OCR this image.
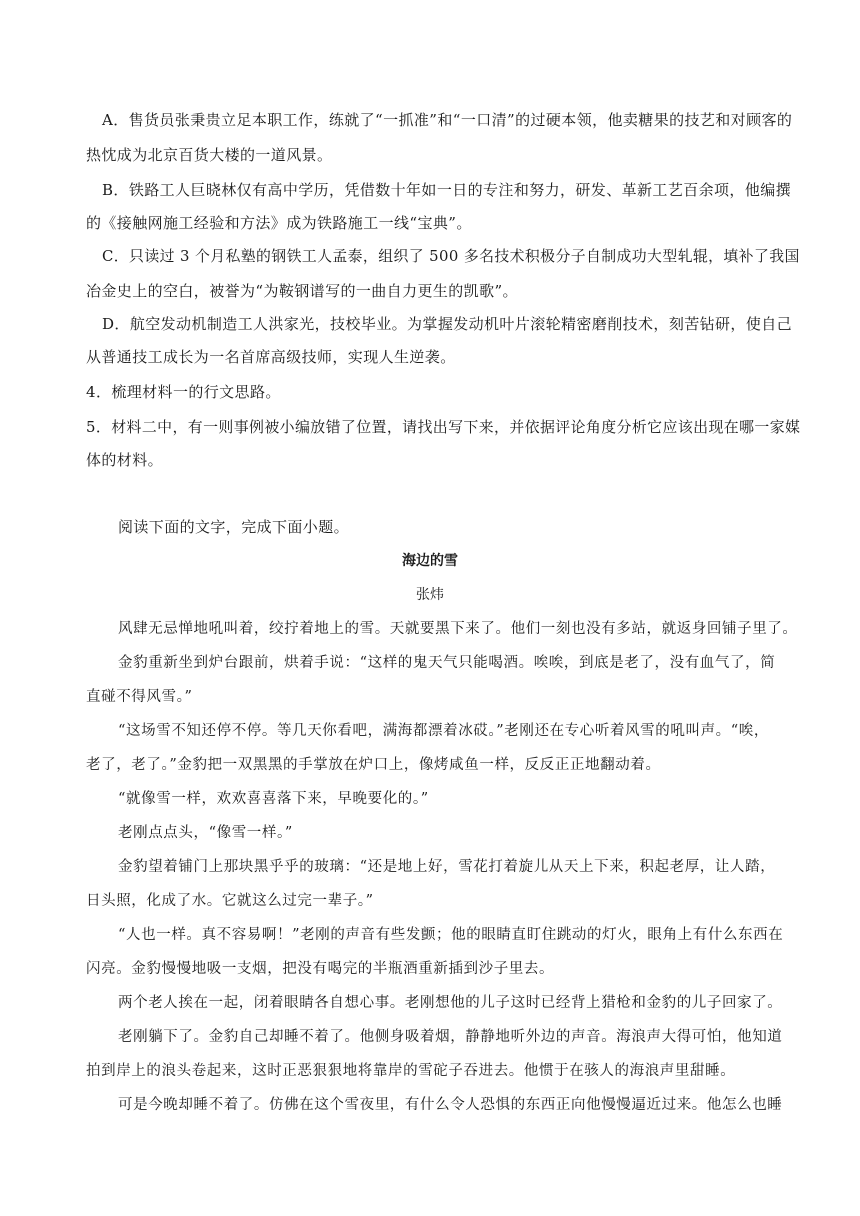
A．售货员张秉贵立足本职工作，练就了“一抓准”和“一口清”的过硬本领，他卖糖果的技艺和对顾客的
热忱成为北京百货大楼的一道风景。
B．铁路工人巨晓林仅有高中学历，凭借数十年如一日的专注和努力，研发、革新工艺百余项，他编撰
的《接触网施工经验和方法》成为铁路施工一线“宝典”。
C．只读过 3 个月私塾的钢铁工人孟泰，组织了 500 多名技术积极分子自制成功大型轧辊，填补了我国
冶金史上的空白，被誉为“为鞍钢谱写的一曲自力更生的凯歌”。
D．航空发动机制造工人洪家光，技校毕业。为掌握发动机叶片滚轮精密磨削技术，刻苦钻研，使自己
从普通技工成长为一名首席高级技师，实现人生逆袭。
4．梳理材料一的行文思路。
5．材料二中，有一则事例被小编放错了位置，请找出写下来，并依据评论角度分析它应该出现在哪一家媒
体的材料。
阅读下面的文字，完成下面小题。
海边的雪
张炜
风肆无忌惮地吼叫着，绞拧着地上的雪。天就要黑下来了。他们一刻也没有多站，就返身回铺子里了。
金豹重新坐到炉台跟前，烘着手说：“这样的鬼天气只能喝酒。唉唉，到底是老了，没有血气了，简
直碰不得风雪。”
“这场雪不知还停不停。等几天你看吧，满海都漂着冰砹。”老刚还在专心听着风雪的吼叫声。“唉，
老了，老了。”金豹把一双黑黑的手掌放在炉口上，像烤咸鱼一样，反反正正地翻动着。
“就像雪一样，欢欢喜喜落下来，早晚要化的。”
老刚点点头，“像雪一样。”
金豹望着铺门上那块黑乎乎的玻璃：“还是地上好，雪花打着旋儿从天上下来，积起老厚，让人踏，
日头照，化成了水。它就这么过完一辈子。”
“人也一样。真不容易啊！”老刚的声音有些发颤；他的眼睛直盯住跳动的灯火，眼角上有什么东西在
闪亮。金豹慢慢地吸一支烟，把没有喝完的半瓶酒重新插到沙子里去。
两个老人挨在一起，闭着眼睛各自想心事。老刚想他的儿子这时已经背上猎枪和金豹的儿子回家了。
老刚躺下了。金豹自己却睡不着了。他侧身吸着烟，静静地听外边的声音。海浪声大得可怕，他知道
拍到岸上的浪头卷起来，这时正恶狠狠地将靠岸的雪砣子吞进去。他惯于在骇人的海浪声里甜睡。
可是今晚却睡不着了。仿佛在这个雪夜里，有什么令人恐惧的东西正向他慢慢逼近过来。他怎么也睡
